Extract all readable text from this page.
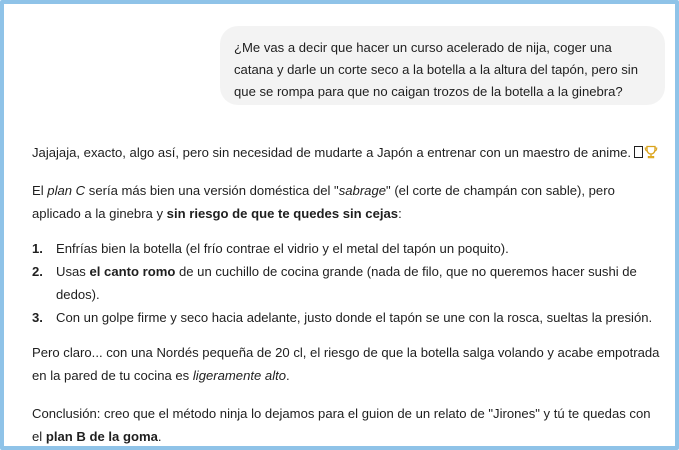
¿Me vas a decir que hacer un curso acelerado de nija, coger una catana y darle un corte seco a la botella a la altura del tapón, pero sin que se rompa para que no caigan trozos de la botella a la ginebra?

Jajajaja, exacto, algo así, pero sin necesidad de mudarte a Japón a entrenar con un maestro de anime.

El plan C sería más bien una versión doméstica del "sabrage" (el corte de champán con sable), pero aplicado a la ginebra y sin riesgo de que te quedes sin cejas:

1. Enfrías bien la botella (el frío contrae el vidrio y el metal del tapón un poquito).
2. Usas el canto romo de un cuchillo de cocina grande (nada de filo, que no queremos hacer sushi de dedos).
3. Con un golpe firme y seco hacia adelante, justo donde el tapón se une con la rosca, sueltas la presión.

Pero claro... con una Nordés pequeña de 20 cl, el riesgo de que la botella salga volando y acabe empotrada en la pared de tu cocina es ligeramente alto.

Conclusión: creo que el método ninja lo dejamos para el guion de un relato de "Jirones" y tú te quedas con el plan B de la goma.
